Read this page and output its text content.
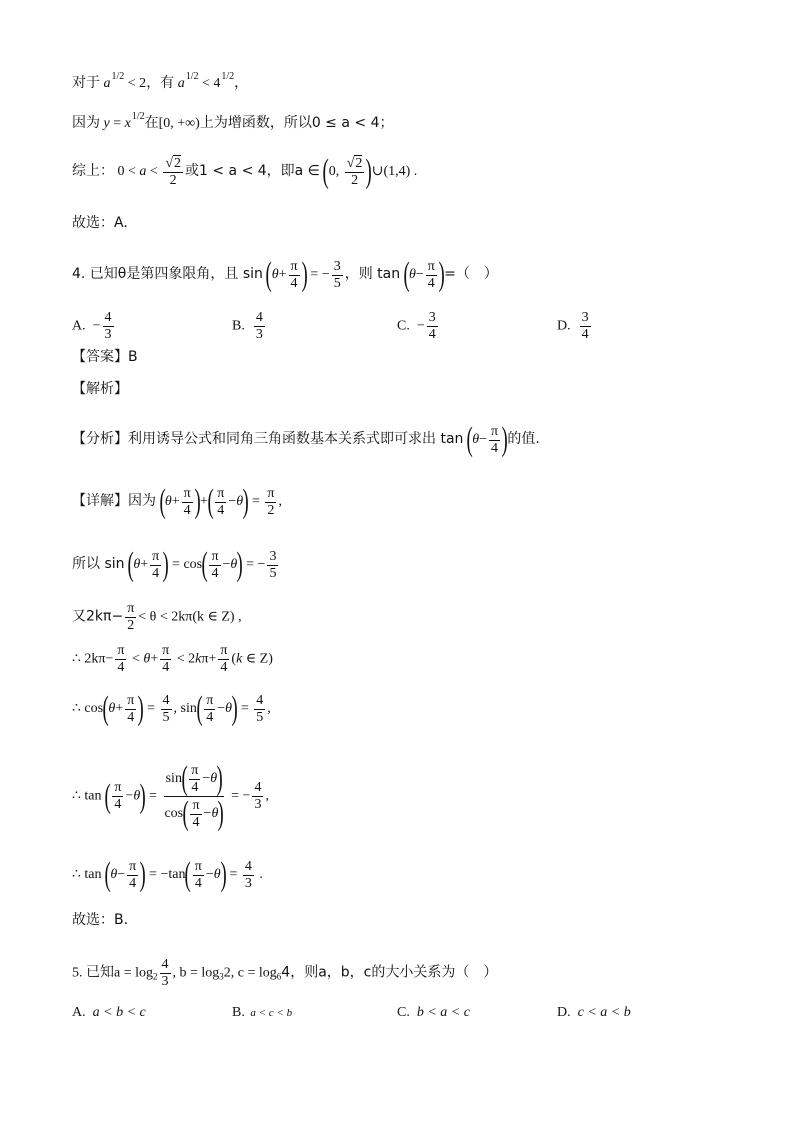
对于 a1/2 < 2，有 a1/2 < 41/2，
因为 y = x1/2在[0, +∞)上为增函数，所以0 ≤ a < 4；
综上： $0 < a < \frac{√2}{2}$ 或1 < a < 4，即a ∈ (0, $\frac{√2}{2}$ )∪(1,4) .
故选：A.
4. 已知θ是第四象限角，且 $\sin (\theta+ \frac{\pi}{4}$ ) = − $\frac{3}{5}$ ，则 $\tan (\theta- \frac{\pi}{4}$ )=（　）
A. − $\frac{4}{3}$	B. $\frac{4}{3}$	C. − $\frac{3}{4}$	D. $\frac{3}{4}$
【答案】B
【解析】
【分析】利用诱导公式和同角三角函数基本关系式即可求出 $\tan (\theta- \frac{\pi}{4}$ )的值.
【详解】因为 ($\theta+ \frac{\pi}{4}$ )+( $\frac{\pi}{4} -\theta) = \frac{\pi}{2}$ ,
所以 $\sin (\theta+ \frac{\pi}{4}$ ) = $\cos( \frac{\pi}{4} -\theta)$ = − $\frac{3}{5}$
又$2k\pi- \frac{\pi}{2} < \theta < 2k\pi(k$ ∈ Z) ,
∴ $2k\pi- \frac{\pi}{4} < \theta+ \frac{\pi}{4} < 2k\pi+ \frac{\pi}{4} (k$ ∈ Z)
∴ $\cos(\theta+ \frac{\pi}{4}$ ) = $\frac{4}{5}$ , $\sin( \frac{\pi}{4} -\theta) = \frac{4}{5}$ ,
∴ tan ( $\frac{\pi}{4} -\theta) = \frac{\sin( \frac{\pi}{4} -\theta)}{\cos( \frac{\pi}{4} -\theta)}$ = − $\frac{4}{3}$ ,
∴ $\tan (\theta- \frac{\pi}{4}$ ) = $-\tan( \frac{\pi}{4} -\theta) = \frac{4}{3}$ .
故选：B.
5. 已知$a = \log_2 \frac{4}{3}$ , $b = \log_32$, $c = \log_64$，则a，b，c的大小关系为（　）
A. a < b < c	B. a < c < b	C. b < a < c	D. c < a < b
